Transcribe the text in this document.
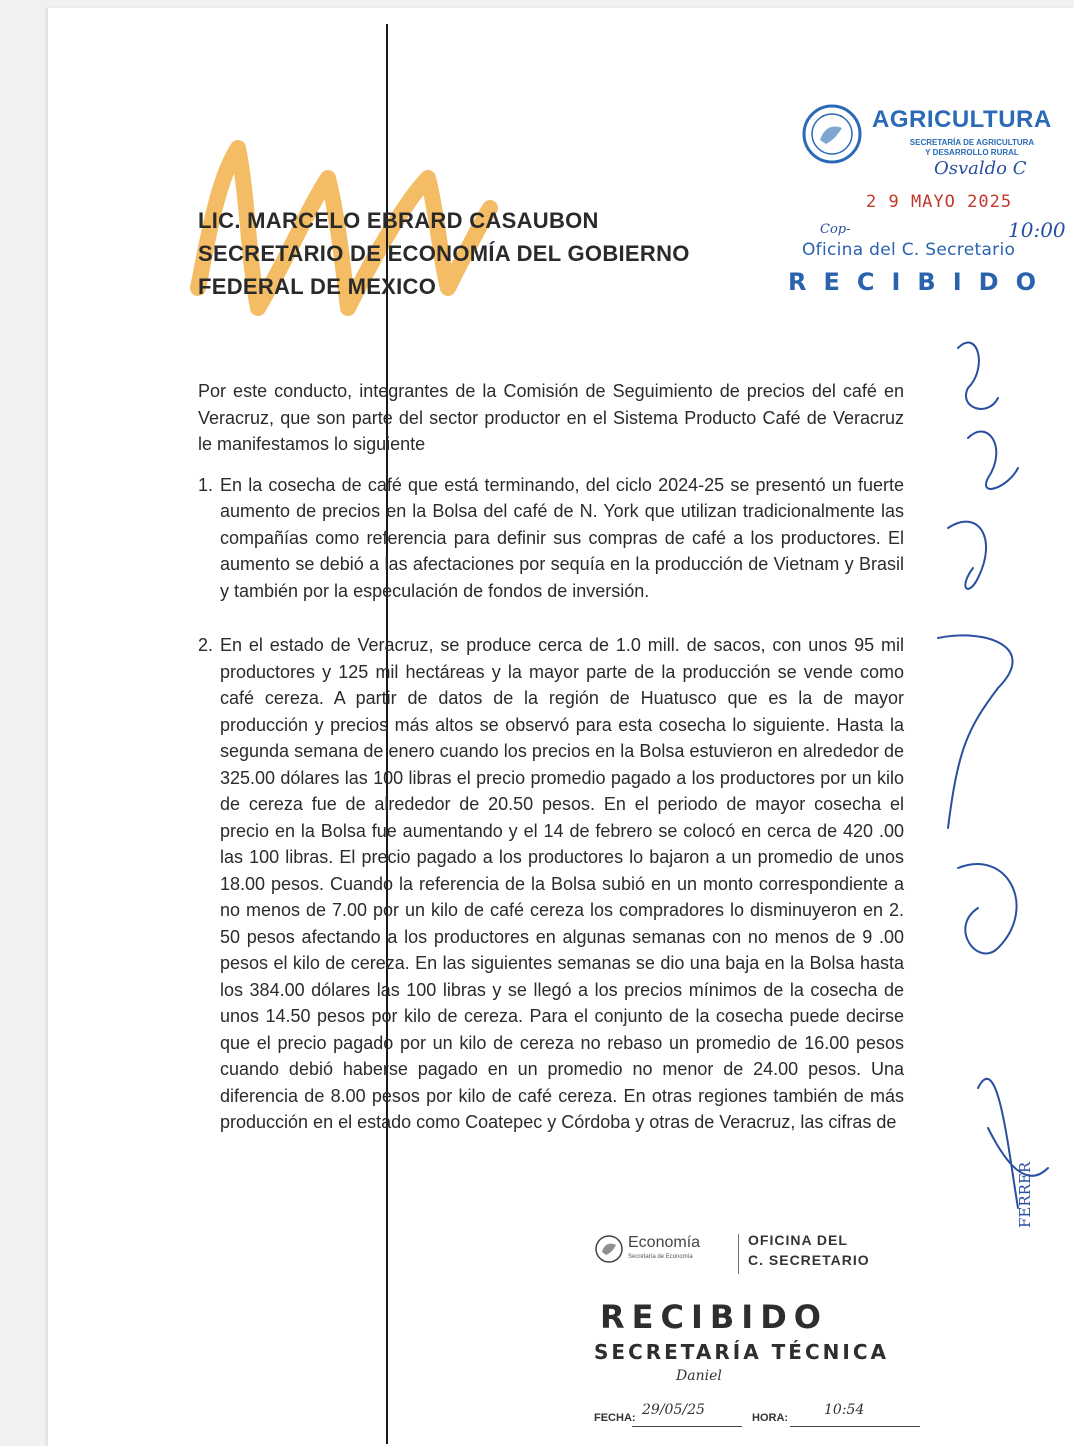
LIC. MARCELO EBRARD CASAUBON
SECRETARIO DE ECONOMÍA DEL GOBIERNO
FEDERAL DE MEXICO
AGRICULTURA
SECRETARÍA DE AGRICULTURA
Y DESARROLLO RURAL
Osvaldo C
2 9 MAYO 2025
Cop-	10:00
Oficina del C. Secretario
RECIBIDO

Por este conducto, integrantes de la Comisión de Seguimiento de precios del café en Veracruz, que son parte del sector productor en el Sistema Producto Café de Veracruz le manifestamos lo siguiente

1. En la cosecha de café que está terminando, del ciclo 2024-25 se presentó un fuerte aumento de precios en la Bolsa del café de N. York que utilizan tradicionalmente las compañías como referencia para definir sus compras de café a los productores. El aumento se debió a las afectaciones por sequía en la producción de Vietnam y Brasil y también por la especulación de fondos de inversión.
2. En el estado de Veracruz, se produce cerca de 1.0 mill. de sacos, con unos 95 mil productores y 125 mil hectáreas y la mayor parte de la producción se vende como café cereza. A partir de datos de la región de Huatusco que es la de mayor producción y precios más altos se observó para esta cosecha lo siguiente. Hasta la segunda semana de enero cuando los precios en la Bolsa estuvieron en alrededor de 325.00 dólares las 100 libras el precio promedio pagado a los productores por un kilo de cereza fue de alrededor de 20.50 pesos. En el periodo de mayor cosecha el precio en la Bolsa fue aumentando y el 14 de febrero se colocó en cerca de 420 .00 las 100 libras. El precio pagado a los productores lo bajaron a un promedio de unos 18.00 pesos. Cuando la referencia de la Bolsa subió en un monto correspondiente a no menos de 7.00 por un kilo de café cereza los compradores lo disminuyeron en 2. 50 pesos afectando a los productores en algunas semanas con no menos de 9 .00 pesos el kilo de cereza. En las siguientes semanas se dio una baja en la Bolsa hasta los 384.00 dólares las 100 libras y se llegó a los precios mínimos de la cosecha de unos 14.50 pesos por kilo de cereza. Para el conjunto de la cosecha puede decirse que el precio pagado por un kilo de cereza no rebaso un promedio de 16.00 pesos cuando debió haberse pagado en un promedio no menor de 24.00 pesos. Una diferencia de 8.00 pesos por kilo de café cereza. En otras regiones también de más producción en el estado como Coatepec y Córdoba y otras de Veracruz, las cifras de
FERRER
Economía
Secretaría de Economía
OFICINA DEL
C. SECRETARIO
RECIBIDO
SECRETARÍA TÉCNICA
Daniel
FECHA: 29/05/25	HORA:	10:54
